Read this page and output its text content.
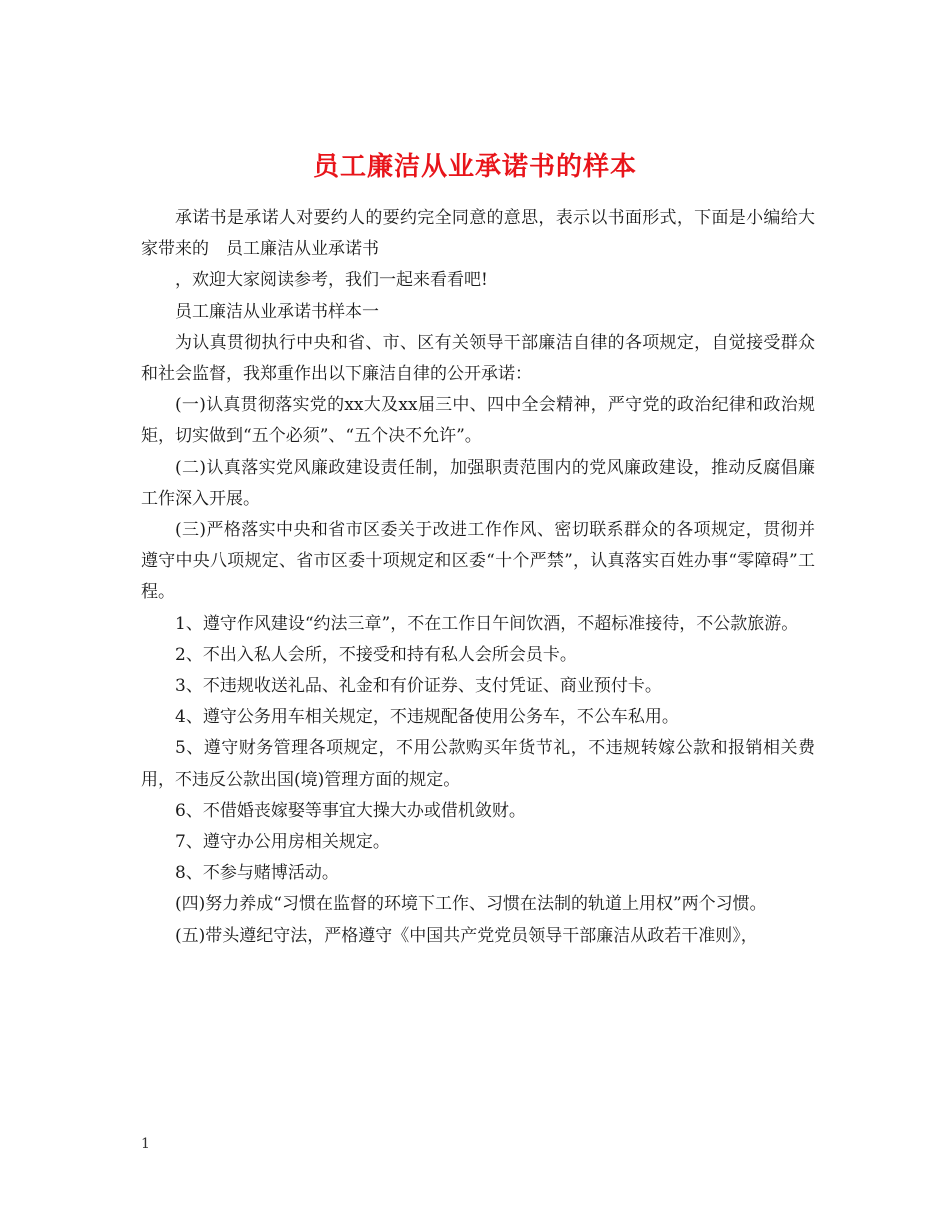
员工廉洁从业承诺书的样本

承诺书是承诺人对要约人的要约完全同意的意思，表示以书面形式，下面是小编给大家带来的　员工廉洁从业承诺书

，欢迎大家阅读参考，我们一起来看看吧!

员工廉洁从业承诺书样本一

为认真贯彻执行中央和省、市、区有关领导干部廉洁自律的各项规定，自觉接受群众和社会监督，我郑重作出以下廉洁自律的公开承诺：

(一)认真贯彻落实党的xx大及xx届三中、四中全会精神，严守党的政治纪律和政治规矩，切实做到“五个必须”、“五个决不允许”。

(二)认真落实党风廉政建设责任制，加强职责范围内的党风廉政建设，推动反腐倡廉工作深入开展。

(三)严格落实中央和省市区委关于改进工作作风、密切联系群众的各项规定，贯彻并遵守中央八项规定、省市区委十项规定和区委“十个严禁”，认真落实百姓办事“零障碍”工程。

1、遵守作风建设“约法三章”，不在工作日午间饮酒，不超标准接待，不公款旅游。

2、不出入私人会所，不接受和持有私人会所会员卡。

3、不违规收送礼品、礼金和有价证券、支付凭证、商业预付卡。

4、遵守公务用车相关规定，不违规配备使用公务车，不公车私用。

5、遵守财务管理各项规定，不用公款购买年货节礼，不违规转嫁公款和报销相关费用，不违反公款出国(境)管理方面的规定。

6、不借婚丧嫁娶等事宜大操大办或借机敛财。

7、遵守办公用房相关规定。

8、不参与赌博活动。

(四)努力养成“习惯在监督的环境下工作、习惯在法制的轨道上用权”两个习惯。

(五)带头遵纪守法，严格遵守《中国共产党党员领导干部廉洁从政若干准则》，

1
